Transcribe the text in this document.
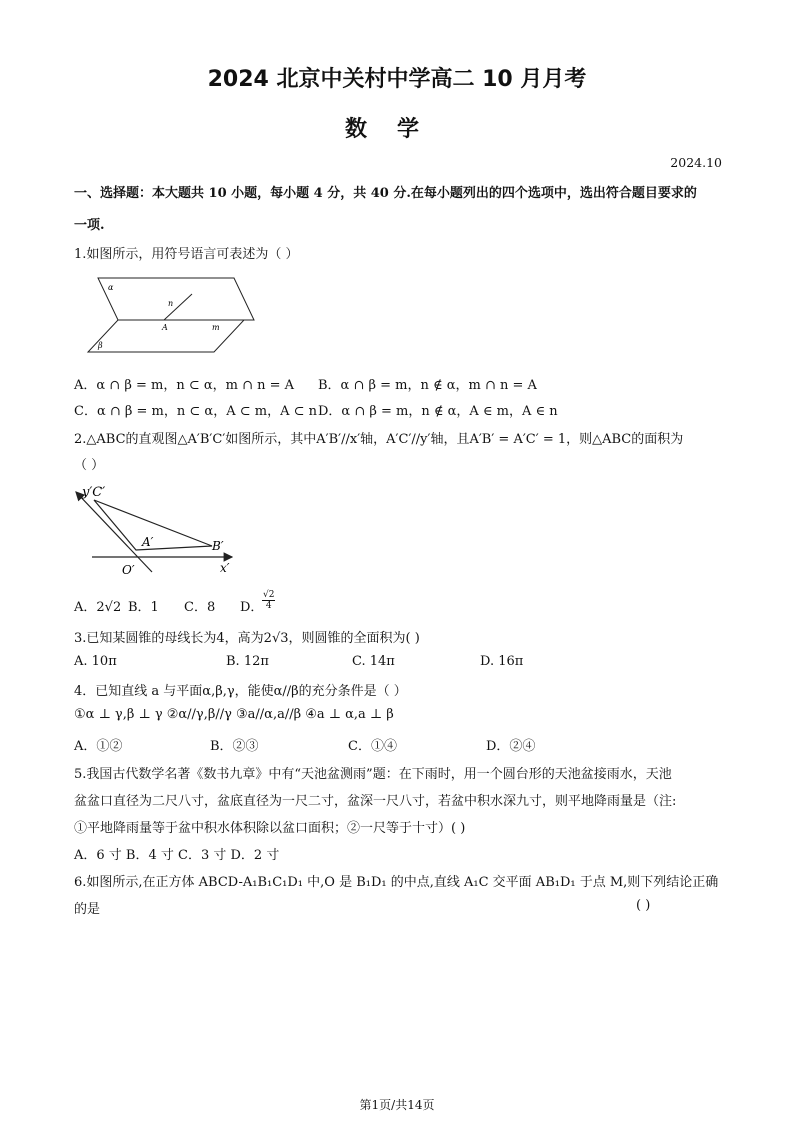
2024 北京中关村中学高二 10 月月考
数学
2024.10
一、选择题：本大题共 10 小题，每小题 4 分，共 40 分.在每小题列出的四个选项中，选出符合题目要求的
一项.
1.如图所示，用符号语言可表述为（ ）
α
n
A	m
β
A．α ∩ β = m，n ⊂ α，m ∩ n = A B．α ∩ β = m，n ∉ α，m ∩ n = A
C．α ∩ β = m，n ⊂ α，A ⊂ m，A ⊂ n D．α ∩ β = m，n ∉ α，A ∈ m，A ∈ n
2.△ABC的直观图△A′B′C′如图所示，其中A′B′//x′轴，A′C′//y′轴，且A′B′ = A′C′ = 1，则△ABC的面积为
（ ）
y′C′
A′	B′
O′	x′
A．2√2 B．1 C．8 D．
$\frac{√2}{4}$
3.已知某圆锥的母线长为4，高为2√3，则圆锥的全面积为( )
A. 10π	B. 12π	C. 14π	D. 16π
4．已知直线 a 与平面α,β,γ，能使α//β的充分条件是（ ）
①α ⊥ γ,β ⊥ γ ②α//γ,β//γ ③a//α,a//β ④a ⊥ α,a ⊥ β
A．①②	B．②③	C．①④	D．②④
5.我国古代数学名著《数书九章》中有“天池盆测雨”题：在下雨时，用一个圆台形的天池盆接雨水，天池
盆盆口直径为二尺八寸，盆底直径为一尺二寸，盆深一尺八寸，若盆中积水深九寸，则平地降雨量是（注:
①平地降雨量等于盆中积水体积除以盆口面积；②一尺等于十寸）( )
A．6 寸 B．4 寸 C．3 寸 D．2 寸
6.如图所示,在正方体 ABCD-A₁B₁C₁D₁ 中,O 是 B₁D₁ 的中点,直线 A₁C 交平面 AB₁D₁ 于点 M,则下列结论正确
的是	( )
第1页/共14页
